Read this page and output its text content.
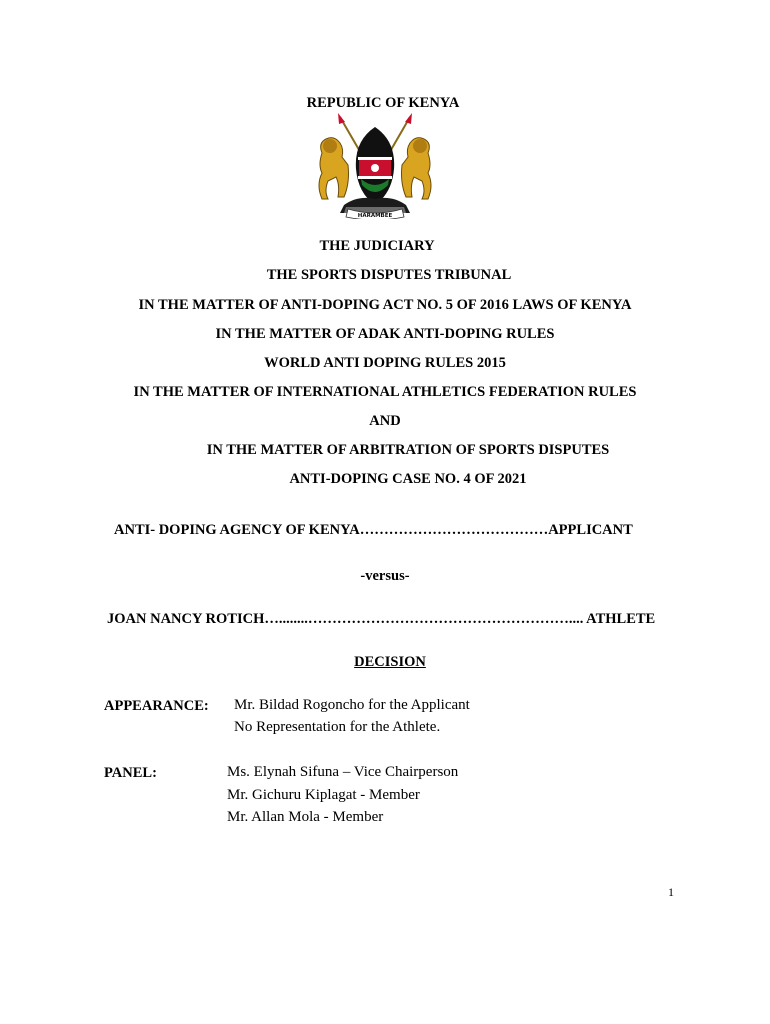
REPUBLIC OF KENYA
HARAMBEE
THE JUDICIARY
THE SPORTS DISPUTES TRIBUNAL
IN THE MATTER OF ANTI-DOPING ACT NO. 5 OF 2016 LAWS OF KENYA
IN THE MATTER OF ADAK ANTI-DOPING RULES
WORLD ANTI DOPING RULES 2015
IN THE MATTER OF INTERNATIONAL ATHLETICS FEDERATION RULES
AND
IN THE MATTER OF ARBITRATION OF SPORTS DISPUTES
ANTI-DOPING CASE NO. 4 OF 2021
ANTI- DOPING AGENCY OF KENYA…………………………………APPLICANT
-versus-
JOAN NANCY ROTICH…........……………………………………………….... ATHLETE
DECISION
APPEARANCE: Mr. Bildad Rogoncho for the Applicant
No Representation for the Athlete.
PANEL:	Ms. Elynah Sifuna – Vice Chairperson
Mr. Gichuru Kiplagat - Member
Mr. Allan Mola - Member
1
